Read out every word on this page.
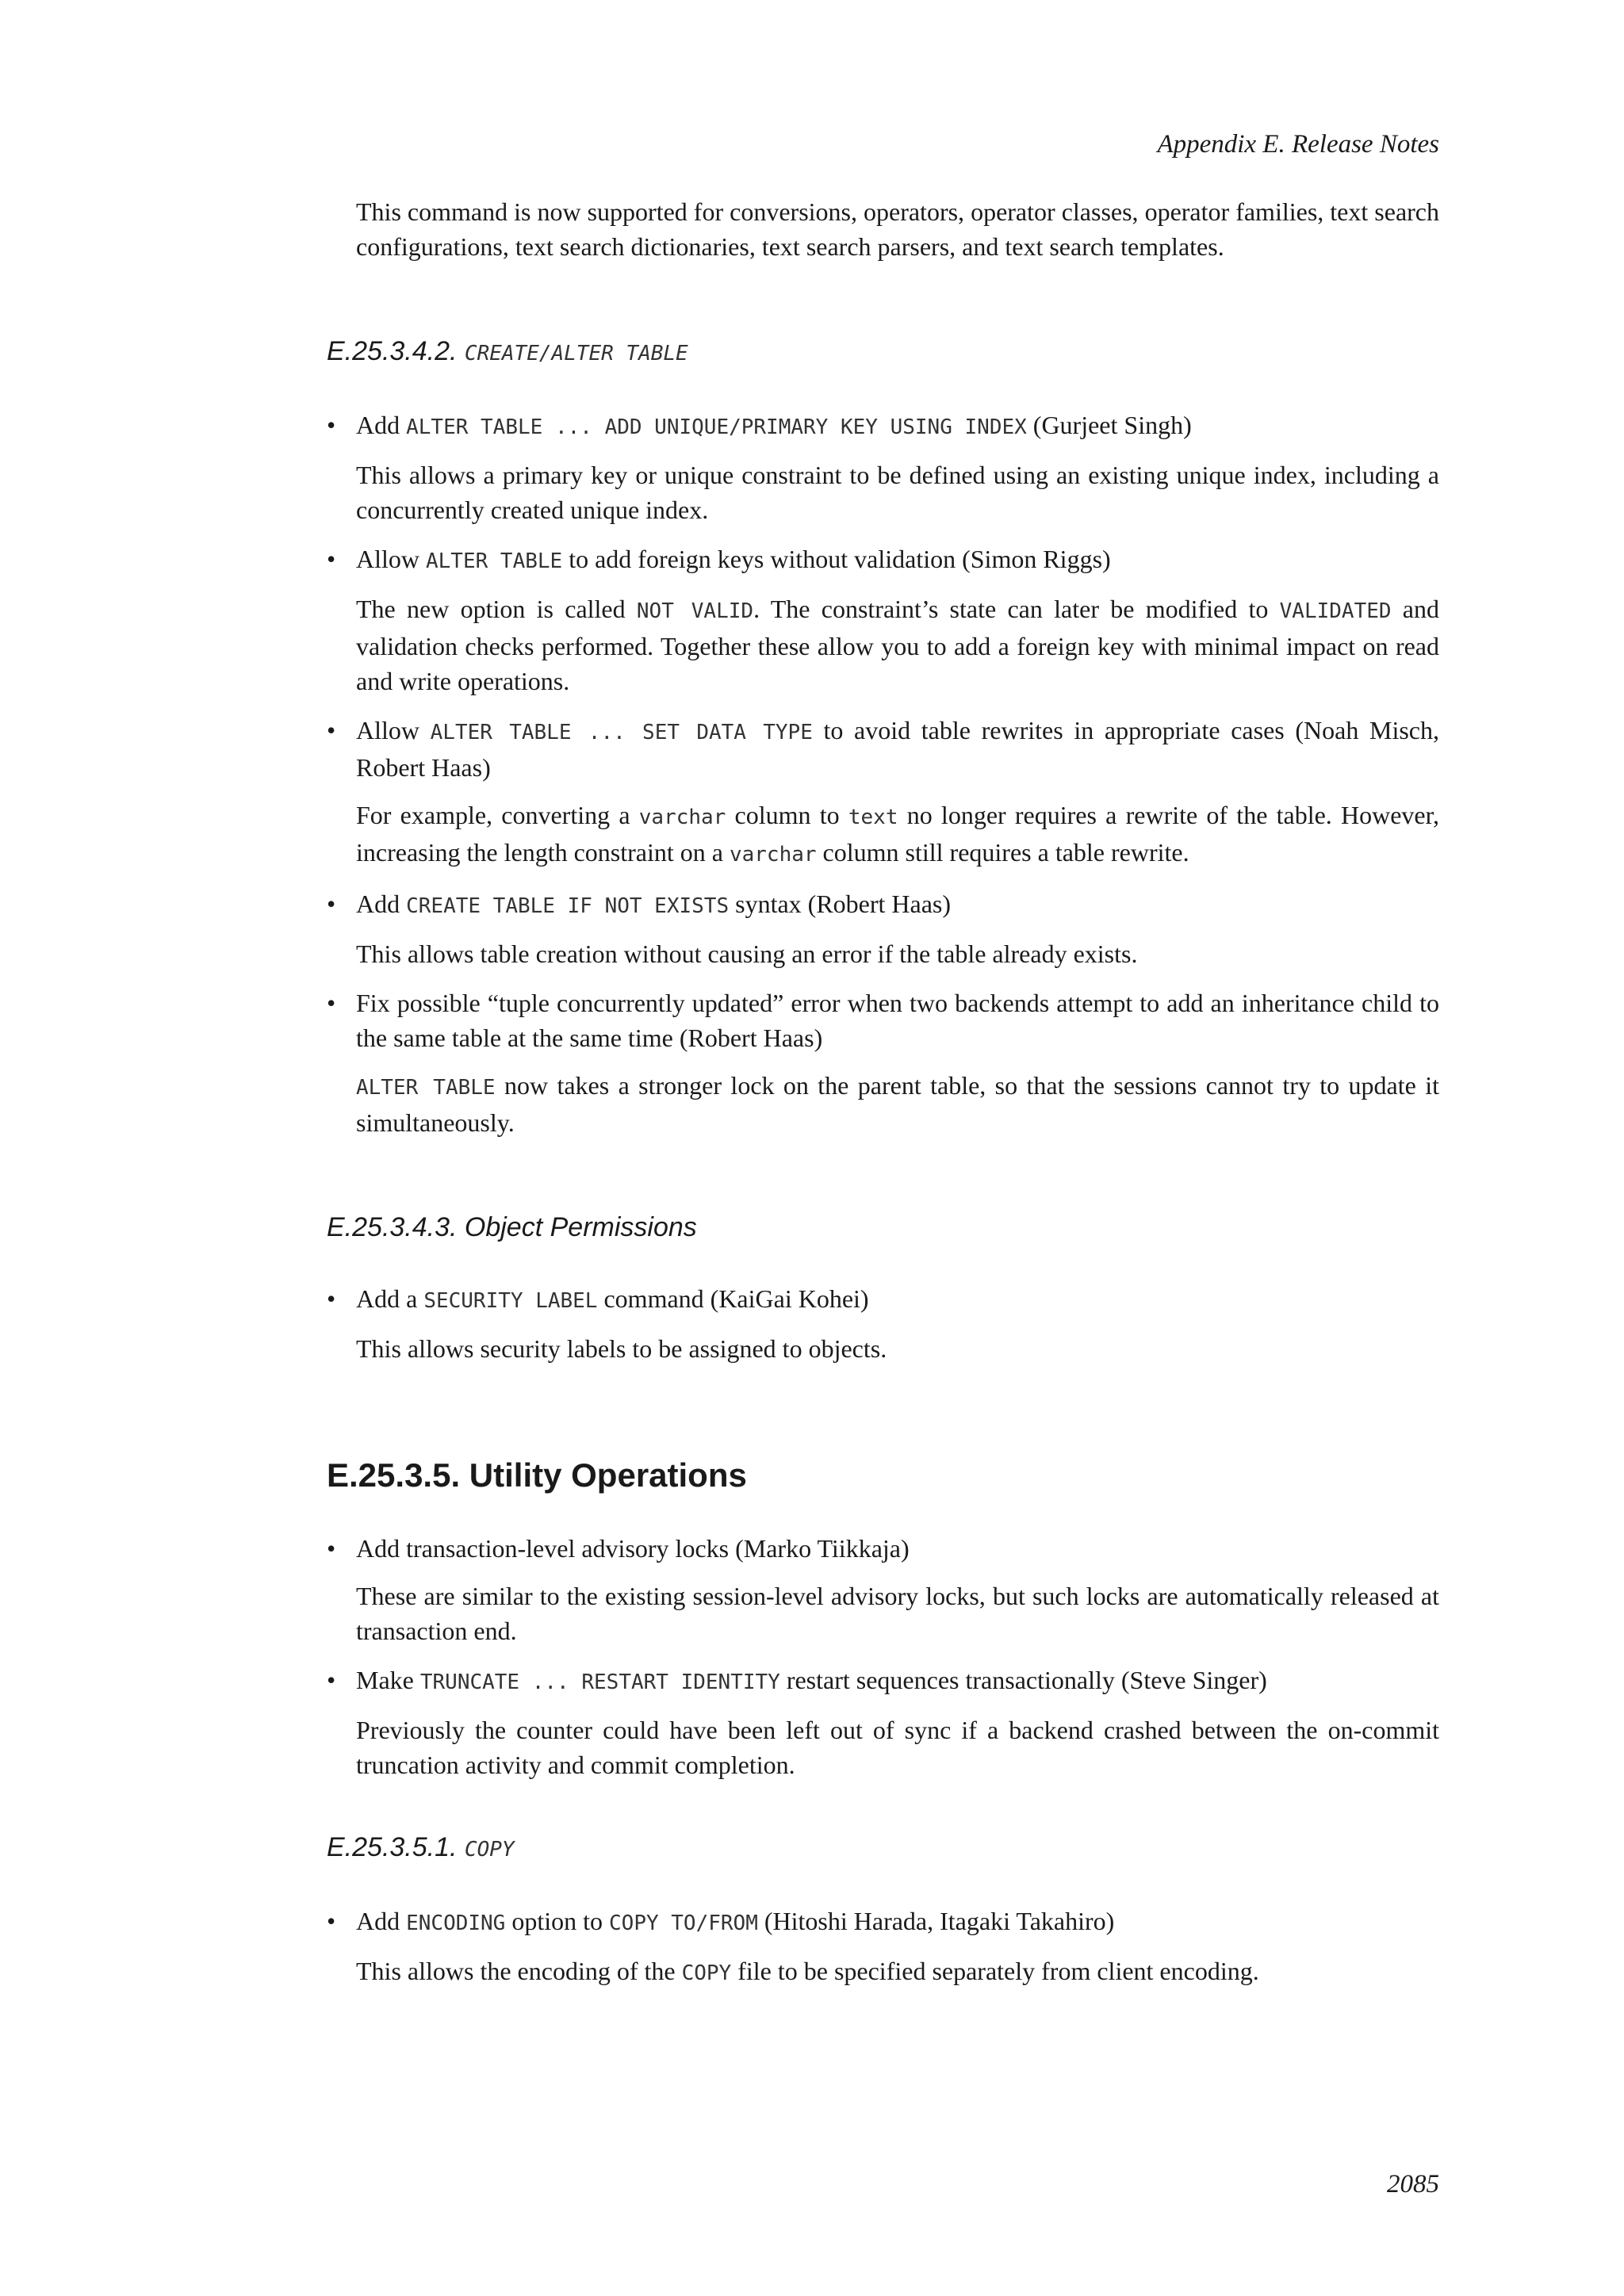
Appendix E. Release Notes

This command is now supported for conversions, operators, operator classes, operator families, text search configurations, text search dictionaries, text search parsers, and text search templates.

E.25.3.4.2. CREATE/ALTER TABLE
• Add ALTER TABLE ... ADD UNIQUE/PRIMARY KEY USING INDEX (Gurjeet Singh)

This allows a primary key or unique constraint to be defined using an existing unique index, including a concurrently created unique index.

• Allow ALTER TABLE to add foreign keys without validation (Simon Riggs)

The new option is called NOT VALID. The constraint’s state can later be modified to VALIDATED and validation checks performed. Together these allow you to add a foreign key with minimal impact on read and write operations.

• Allow ALTER TABLE ... SET DATA TYPE to avoid table rewrites in appropriate cases (Noah Misch, Robert Haas)

For example, converting a varchar column to text no longer requires a rewrite of the table. However, increasing the length constraint on a varchar column still requires a table rewrite.

• Add CREATE TABLE IF NOT EXISTS syntax (Robert Haas)

This allows table creation without causing an error if the table already exists.

• Fix possible “tuple concurrently updated” error when two backends attempt to add an inheritance child to the same table at the same time (Robert Haas)

ALTER TABLE now takes a stronger lock on the parent table, so that the sessions cannot try to update it simultaneously.

E.25.3.4.3. Object Permissions
• Add a SECURITY LABEL command (KaiGai Kohei)

This allows security labels to be assigned to objects.

E.25.3.5. Utility Operations
• Add transaction-level advisory locks (Marko Tiikkaja)

These are similar to the existing session-level advisory locks, but such locks are automatically released at transaction end.

• Make TRUNCATE ... RESTART IDENTITY restart sequences transactionally (Steve Singer)

Previously the counter could have been left out of sync if a backend crashed between the on-commit truncation activity and commit completion.

E.25.3.5.1. COPY
• Add ENCODING option to COPY TO/FROM (Hitoshi Harada, Itagaki Takahiro)

This allows the encoding of the COPY file to be specified separately from client encoding.

2085
